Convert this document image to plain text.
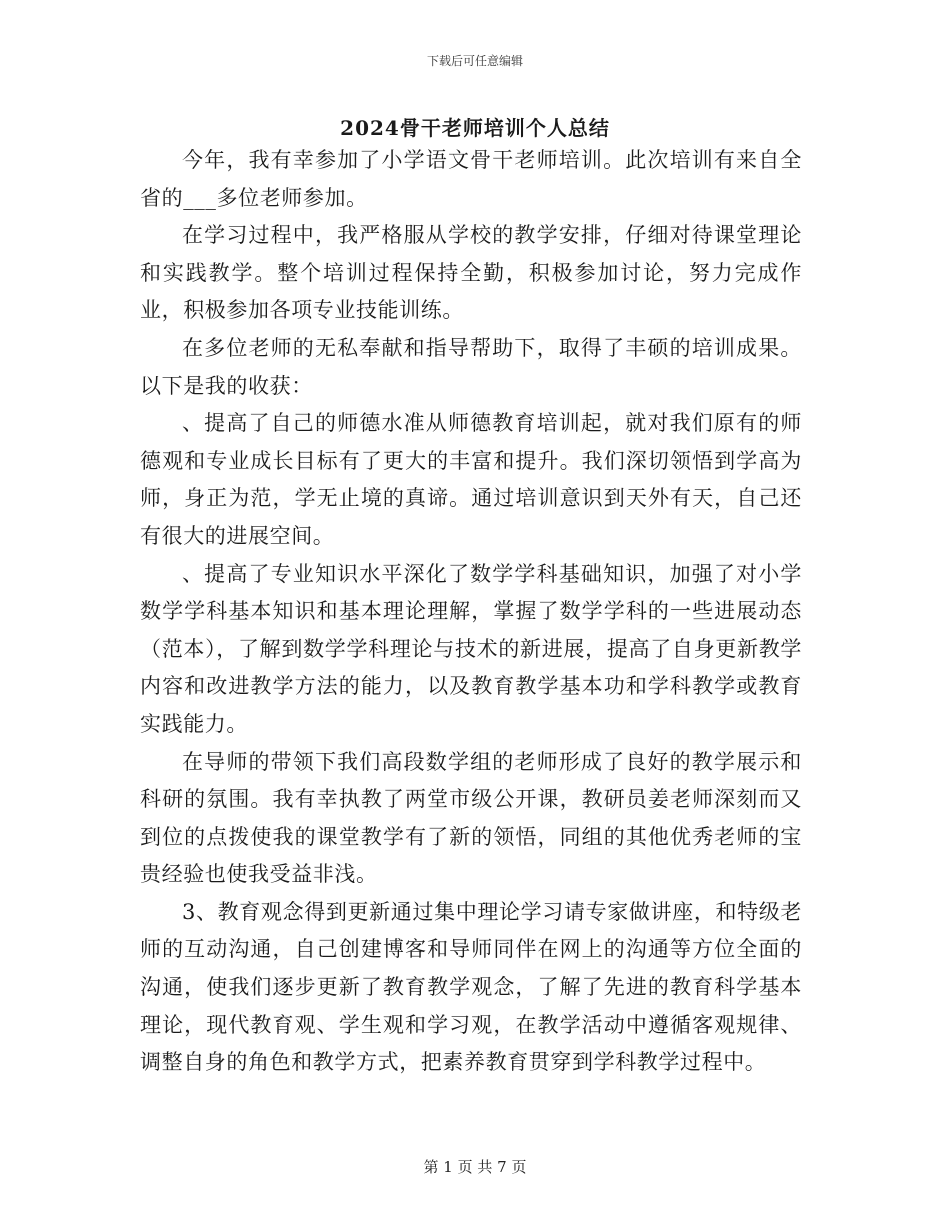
下载后可任意编辑
2024骨干老师培训个人总结

今年，我有幸参加了小学语文骨干老师培训。此次培训有来自全省的___多位老师参加。

在学习过程中，我严格服从学校的教学安排，仔细对待课堂理论和实践教学。整个培训过程保持全勤，积极参加讨论，努力完成作业，积极参加各项专业技能训练。

在多位老师的无私奉献和指导帮助下，取得了丰硕的培训成果。以下是我的收获：

、提高了自己的师德水准从师德教育培训起，就对我们原有的师德观和专业成长目标有了更大的丰富和提升。我们深切领悟到学高为师，身正为范，学无止境的真谛。通过培训意识到天外有天，自己还有很大的进展空间。

、提高了专业知识水平深化了数学学科基础知识，加强了对小学数学学科基本知识和基本理论理解，掌握了数学学科的一些进展动态（范本），了解到数学学科理论与技术的新进展，提高了自身更新教学内容和改进教学方法的能力，以及教育教学基本功和学科教学或教育实践能力。

在导师的带领下我们高段数学组的老师形成了良好的教学展示和科研的氛围。我有幸执教了两堂市级公开课，教研员姜老师深刻而又到位的点拨使我的课堂教学有了新的领悟，同组的其他优秀老师的宝贵经验也使我受益非浅。

3、教育观念得到更新通过集中理论学习请专家做讲座，和特级老师的互动沟通，自己创建博客和导师同伴在网上的沟通等方位全面的沟通，使我们逐步更新了教育教学观念，了解了先进的教育科学基本理论，现代教育观、学生观和学习观，在教学活动中遵循客观规律、调整自身的角色和教学方式，把素养教育贯穿到学科教学过程中。

第 1 页 共 7 页
